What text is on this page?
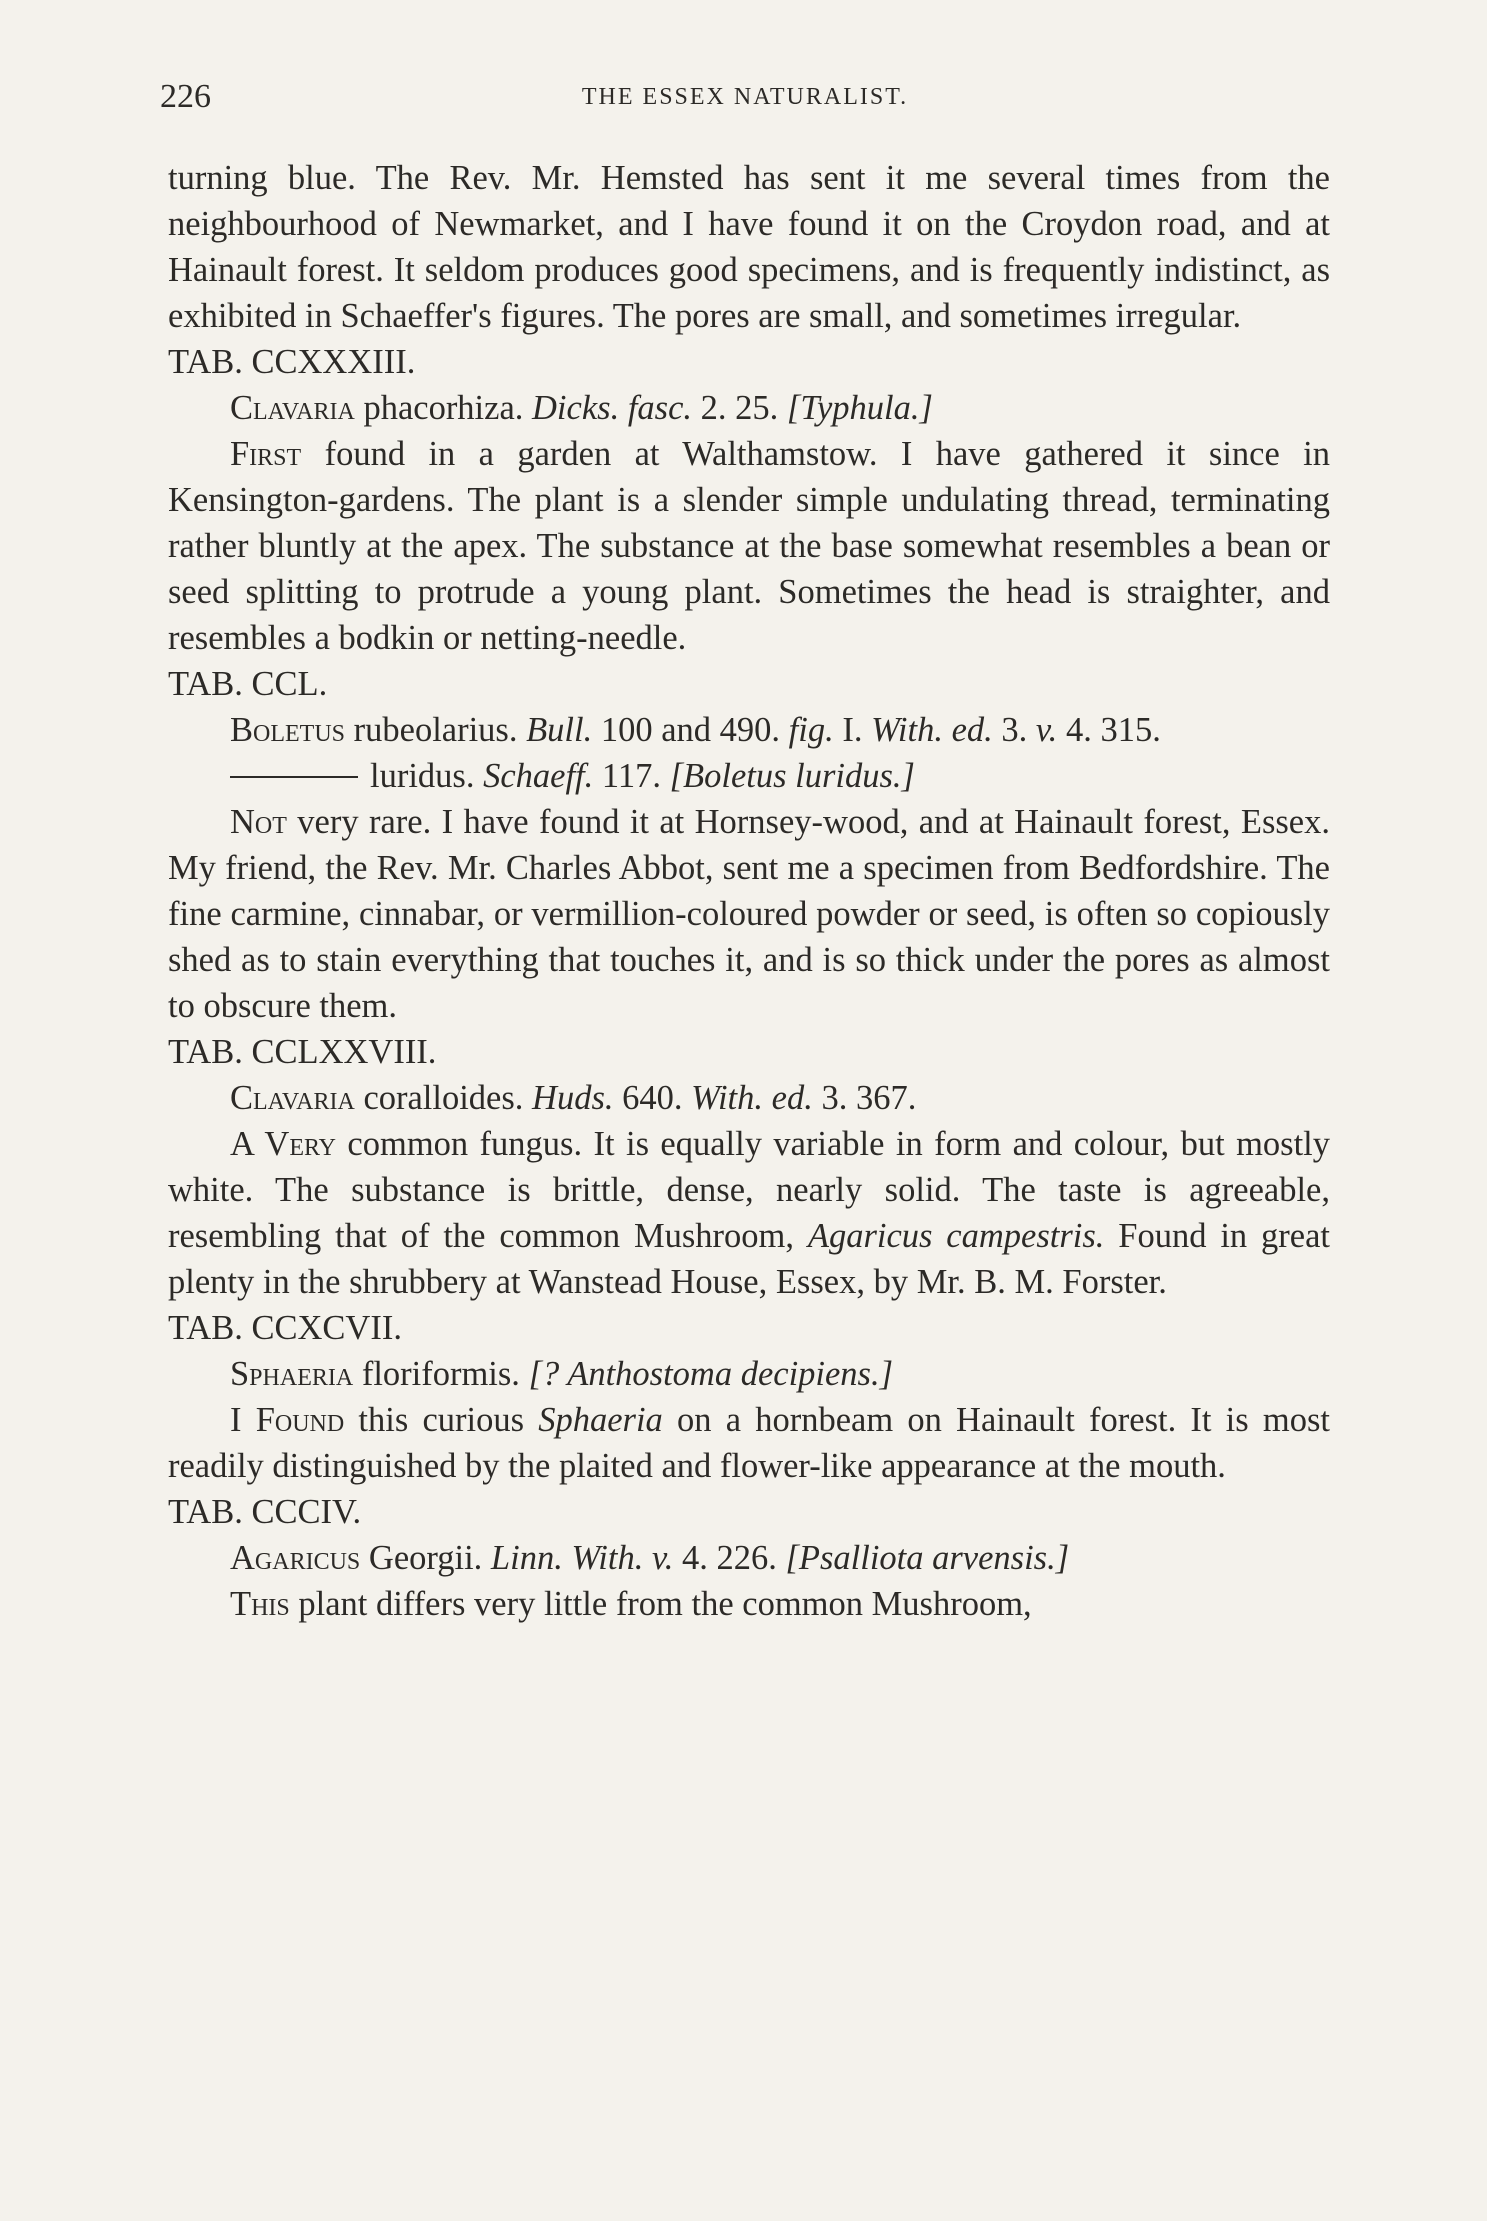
226	THE ESSEX NATURALIST.

turning blue. The Rev. Mr. Hemsted has sent it me several times from the neighbourhood of Newmarket, and I have found it on the Croydon road, and at Hainault forest. It seldom produces good specimens, and is frequently indistinct, as exhibited in Schaeffer's figures. The pores are small, and sometimes irregular.

TAB. CCXXXIII.

Clavaria phacorhiza. Dicks. fasc. 2. 25. [Typhula.]

First found in a garden at Walthamstow. I have gathered it since in Kensington-gardens. The plant is a slender simple undulating thread, terminating rather bluntly at the apex. The substance at the base somewhat resembles a bean or seed splitting to protrude a young plant. Sometimes the head is straighter, and resembles a bodkin or netting-needle.

TAB. CCL.

Boletus rubeolarius. Bull. 100 and 490. fig. I. With. ed. 3. v. 4. 315.

luridus. Schaeff. 117. [Boletus luridus.]

Not very rare. I have found it at Hornsey-wood, and at Hainault forest, Essex. My friend, the Rev. Mr. Charles Abbot, sent me a specimen from Bedfordshire. The fine carmine, cinnabar, or vermillion-coloured powder or seed, is often so copiously shed as to stain everything that touches it, and is so thick under the pores as almost to obscure them.

TAB. CCLXXVIII.

Clavaria coralloides. Huds. 640. With. ed. 3. 367.

A Very common fungus. It is equally variable in form and colour, but mostly white. The substance is brittle, dense, nearly solid. The taste is agreeable, resembling that of the common Mushroom, Agaricus campestris. Found in great plenty in the shrubbery at Wanstead House, Essex, by Mr. B. M. Forster.

TAB. CCXCVII.

Sphaeria floriformis. [? Anthostoma decipiens.]

I Found this curious Sphaeria on a hornbeam on Hainault forest. It is most readily distinguished by the plaited and flower-like appearance at the mouth.

TAB. CCCIV.

Agaricus Georgii. Linn. With. v. 4. 226. [Psalliota arvensis.]

This plant differs very little from the common Mushroom,
